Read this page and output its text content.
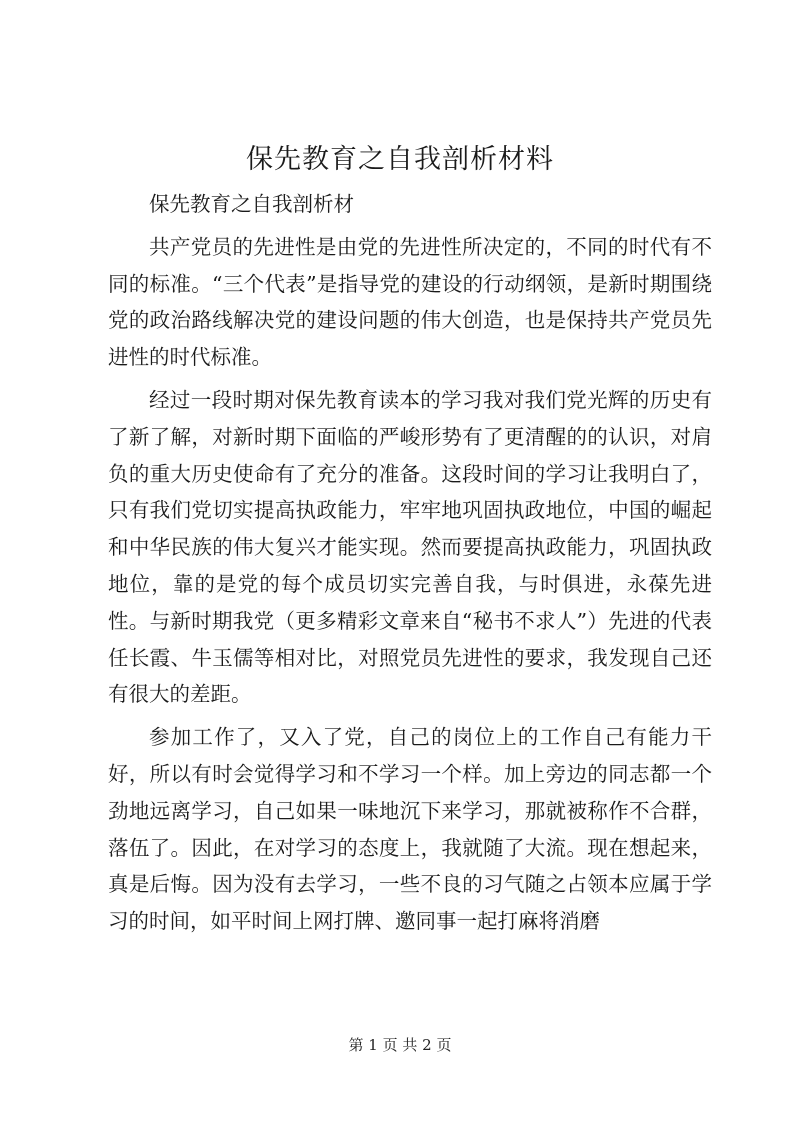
保先教育之自我剖析材料

保先教育之自我剖析材

共产党员的先进性是由党的先进性所决定的，不同的时代有不同的标准。“三个代表”是指导党的建设的行动纲领，是新时期围绕党的政治路线解决党的建设问题的伟大创造，也是保持共产党员先进性的时代标准。

经过一段时期对保先教育读本的学习我对我们党光辉的历史有了新了解，对新时期下面临的严峻形势有了更清醒的的认识，对肩负的重大历史使命有了充分的准备。这段时间的学习让我明白了，只有我们党切实提高执政能力，牢牢地巩固执政地位，中国的崛起和中华民族的伟大复兴才能实现。然而要提高执政能力，巩固执政地位，靠的是党的每个成员切实完善自我，与时俱进，永葆先进性。与新时期我党（更多精彩文章来自“秘书不求人”）先进的代表任长霞、牛玉儒等相对比，对照党员先进性的要求，我发现自己还有很大的差距。

参加工作了，又入了党，自己的岗位上的工作自己有能力干好，所以有时会觉得学习和不学习一个样。加上旁边的同志都一个劲地远离学习，自己如果一味地沉下来学习，那就被称作不合群，落伍了。因此，在对学习的态度上，我就随了大流。现在想起来，真是后悔。因为没有去学习，一些不良的习气随之占领本应属于学习的时间，如平时间上网打牌、邀同事一起打麻将消磨

第 1 页 共 2 页
